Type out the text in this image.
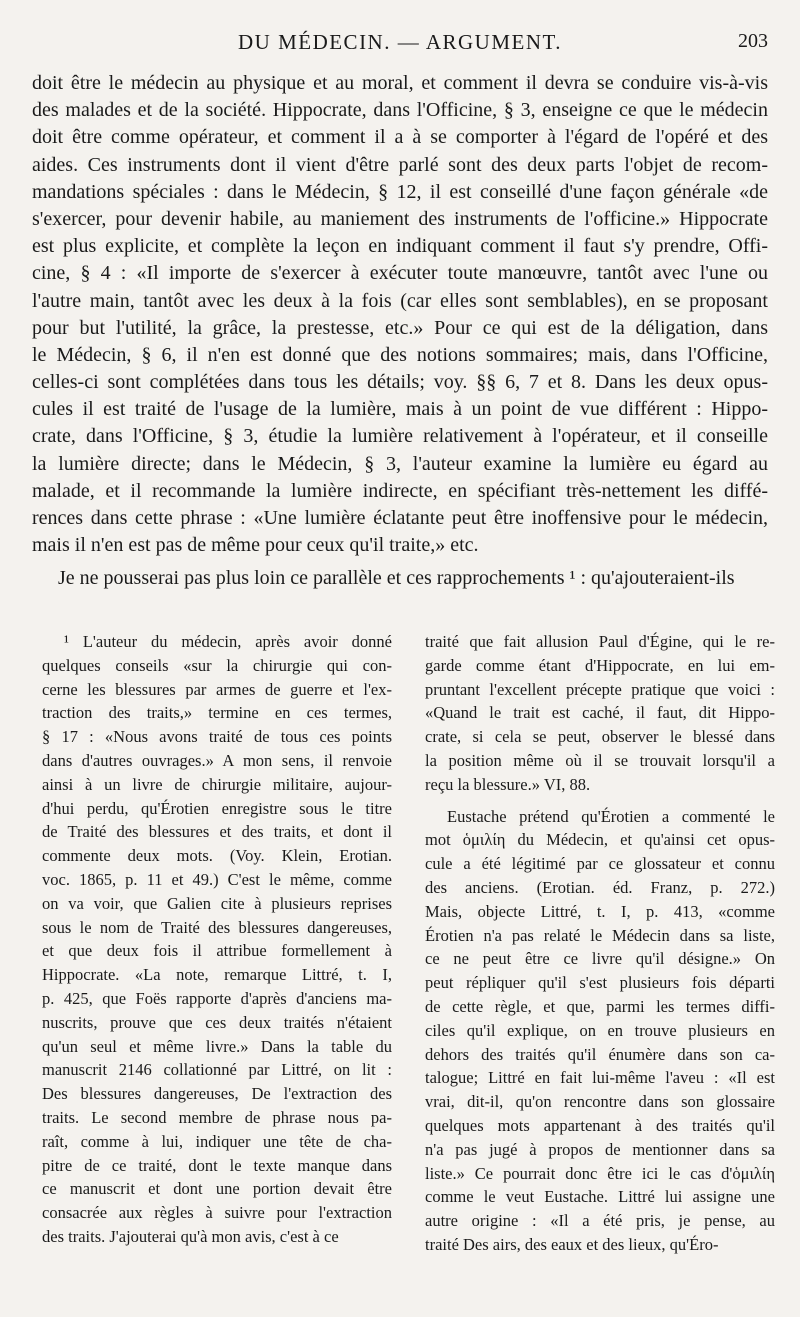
DU MÉDECIN. — ARGUMENT.	203
doit être le médecin au physique et au moral, et comment il devra se conduire vis-à-vis
des malades et de la société. Hippocrate, dans l'Officine, § 3, enseigne ce que le médecin
doit être comme opérateur, et comment il a à se comporter à l'égard de l'opéré et des
aides. Ces instruments dont il vient d'être parlé sont des deux parts l'objet de recom-
mandations spéciales : dans le Médecin, § 12, il est conseillé d'une façon générale «de
s'exercer, pour devenir habile, au maniement des instruments de l'officine.» Hippocrate
est plus explicite, et complète la leçon en indiquant comment il faut s'y prendre, Offi-
cine, § 4 : «Il importe de s'exercer à exécuter toute manœuvre, tantôt avec l'une ou
l'autre main, tantôt avec les deux à la fois (car elles sont semblables), en se proposant
pour but l'utilité, la grâce, la prestesse, etc.» Pour ce qui est de la déligation, dans
le Médecin, § 6, il n'en est donné que des notions sommaires; mais, dans l'Officine,
celles-ci sont complétées dans tous les détails; voy. §§ 6, 7 et 8. Dans les deux opus-
cules il est traité de l'usage de la lumière, mais à un point de vue différent : Hippo-
crate, dans l'Officine, § 3, étudie la lumière relativement à l'opérateur, et il conseille
la lumière directe; dans le Médecin, § 3, l'auteur examine la lumière eu égard au
malade, et il recommande la lumière indirecte, en spécifiant très-nettement les diffé-
rences dans cette phrase : «Une lumière éclatante peut être inoffensive pour le médecin,
mais il n'en est pas de même pour ceux qu'il traite,» etc.
Je ne pousserai pas plus loin ce parallèle et ces rapprochements ¹ : qu'ajouteraient-ils
¹ L'auteur du médecin, après avoir donné
quelques conseils «sur la chirurgie qui con-
cerne les blessures par armes de guerre et l'ex-
traction des traits,» termine en ces termes,
§ 17 : «Nous avons traité de tous ces points
dans d'autres ouvrages.» A mon sens, il renvoie
ainsi à un livre de chirurgie militaire, aujour-
d'hui perdu, qu'Érotien enregistre sous le titre
de Traité des blessures et des traits, et dont il
commente deux mots. (Voy. Klein, Erotian.
voc. 1865, p. 11 et 49.) C'est le même, comme
on va voir, que Galien cite à plusieurs reprises
sous le nom de Traité des blessures dangereuses,
et que deux fois il attribue formellement à
Hippocrate. «La note, remarque Littré, t. I,
p. 425, que Foës rapporte d'après d'anciens ma-
nuscrits, prouve que ces deux traités n'étaient
qu'un seul et même livre.» Dans la table du
manuscrit 2146 collationné par Littré, on lit :
Des blessures dangereuses, De l'extraction des
traits. Le second membre de phrase nous pa-
raît, comme à lui, indiquer une tête de cha-
pitre de ce traité, dont le texte manque dans
ce manuscrit et dont une portion devait être
consacrée aux règles à suivre pour l'extraction
des traits. J'ajouterai qu'à mon avis, c'est à ce
traité que fait allusion Paul d'Égine, qui le re-
garde comme étant d'Hippocrate, en lui em-
pruntant l'excellent précepte pratique que voici :
«Quand le trait est caché, il faut, dit Hippo-
crate, si cela se peut, observer le blessé dans
la position même où il se trouvait lorsqu'il a
reçu la blessure.» VI, 88.
Eustache prétend qu'Érotien a commenté le
mot ὁμιλίη du Médecin, et qu'ainsi cet opus-
cule a été légitimé par ce glossateur et connu
des anciens. (Erotian. éd. Franz, p. 272.)
Mais, objecte Littré, t. I, p. 413, «comme
Érotien n'a pas relaté le Médecin dans sa liste,
ce ne peut être ce livre qu'il désigne.» On
peut répliquer qu'il s'est plusieurs fois départi
de cette règle, et que, parmi les termes diffi-
ciles qu'il explique, on en trouve plusieurs en
dehors des traités qu'il énumère dans son ca-
talogue; Littré en fait lui-même l'aveu : «Il est
vrai, dit-il, qu'on rencontre dans son glossaire
quelques mots appartenant à des traités qu'il
n'a pas jugé à propos de mentionner dans sa
liste.» Ce pourrait donc être ici le cas d'ὁμιλίη
comme le veut Eustache. Littré lui assigne une
autre origine : «Il a été pris, je pense, au
traité Des airs, des eaux et des lieux, qu'Éro-
